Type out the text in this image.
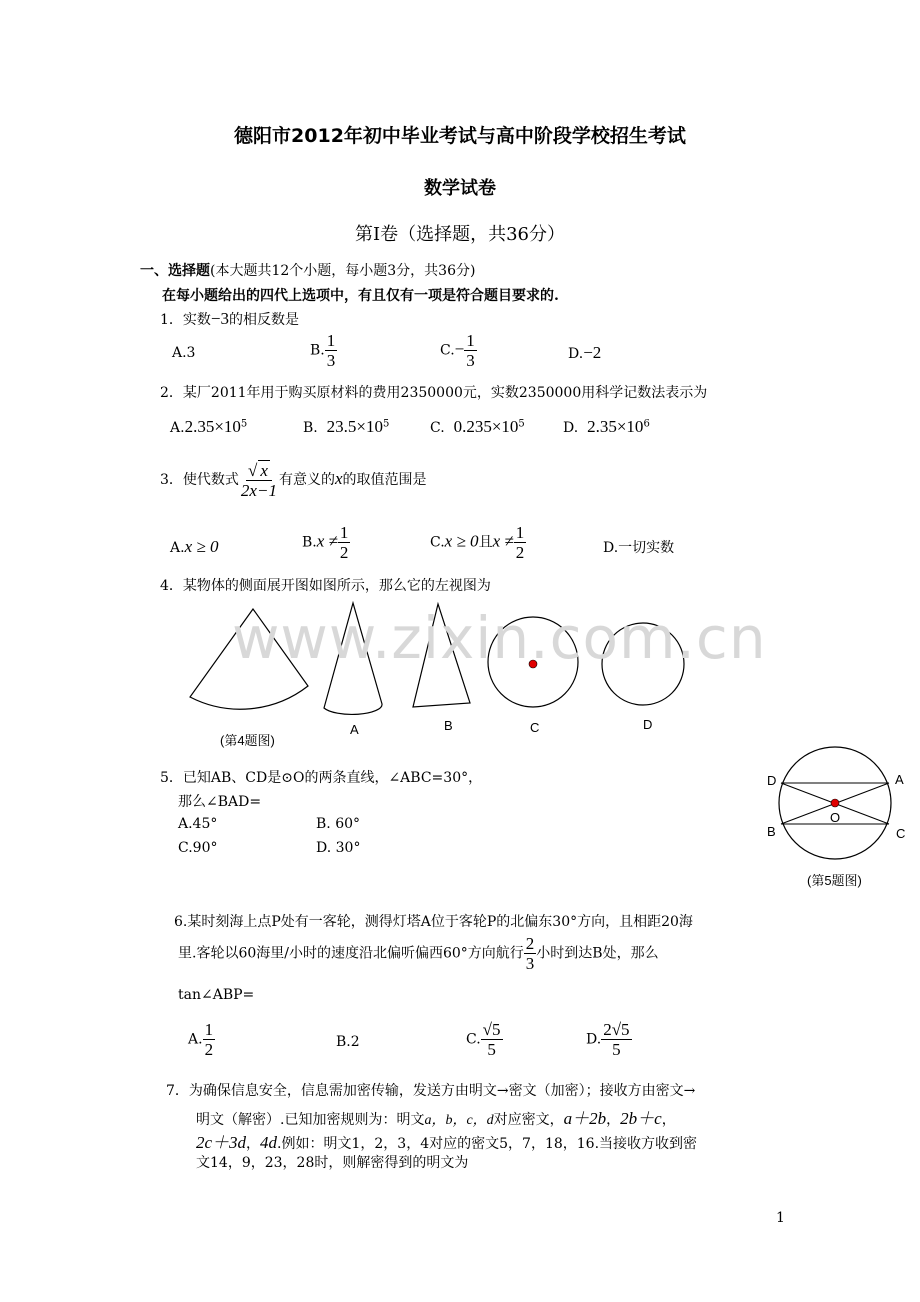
德阳市2012年初中毕业考试与高中阶段学校招生考试
数学试卷
第Ⅰ卷（选择题，共36分）
一、选择题(本大题共12个小题，每小题3分，共36分)
在每小题给出的四代上选项中，有且仅有一项是符合题目要求的.
1．实数−3的相反数是
A.3	B. $\frac{1}{3}$	$C.- \frac{1}{3}$	D.−2
2．某厂2011年用于购买原材料的费用2350000元，实数2350000用科学记数法表示为
$A.2.35\times 10^5$	B. $23.5\times 10^5$	C. $0.235\times 10^5$	D. $2.35\times 10^6$
3．使代数式 $\frac{√ x}{2x-1}$ 有意义的x的取值范围是
A.x ≥ 0	$B.x \ne \frac{1}{2}$	C.x ≥ 0且$x \ne \frac{1}{2}$	D.一切实数
4．某物体的侧面展开图如图所示，那么它的左视图为
(第4题图)
A	B	C	D
www.zixin.com.cn
5．已知AB、CD是⊙O的两条直线，∠ABC=30°，
那么∠BAD=
A.45°	B. 60°
C.90°	D. 30°
D	A
B	C
O
(第5题图)
6.某时刻海上点P处有一客轮，测得灯塔A位于客轮P的北偏东30°方向，且相距20海
里.客轮以60海里/小时的速度沿北偏听偏西60°方向航行 $\frac{2}{3}$ 小时到达B处，那么
tan∠ABP=
A. $\frac{1}{2}$	B.2	C. $\frac{√5}{5}$	D. $\frac{2√5}{5}$
7．为确保信息安全，信息需加密传输，发送方由明文→密文（加密）；接收方由密文→
明文（解密）.已知加密规则为：明文a，b，c，d对应密文，a＋2b，2b＋c，
2c＋3d，4d.例如：明文1，2，3，4对应的密文5，7，18，16.当接收方收到密
文14，9，23，28时，则解密得到的明文为
1
